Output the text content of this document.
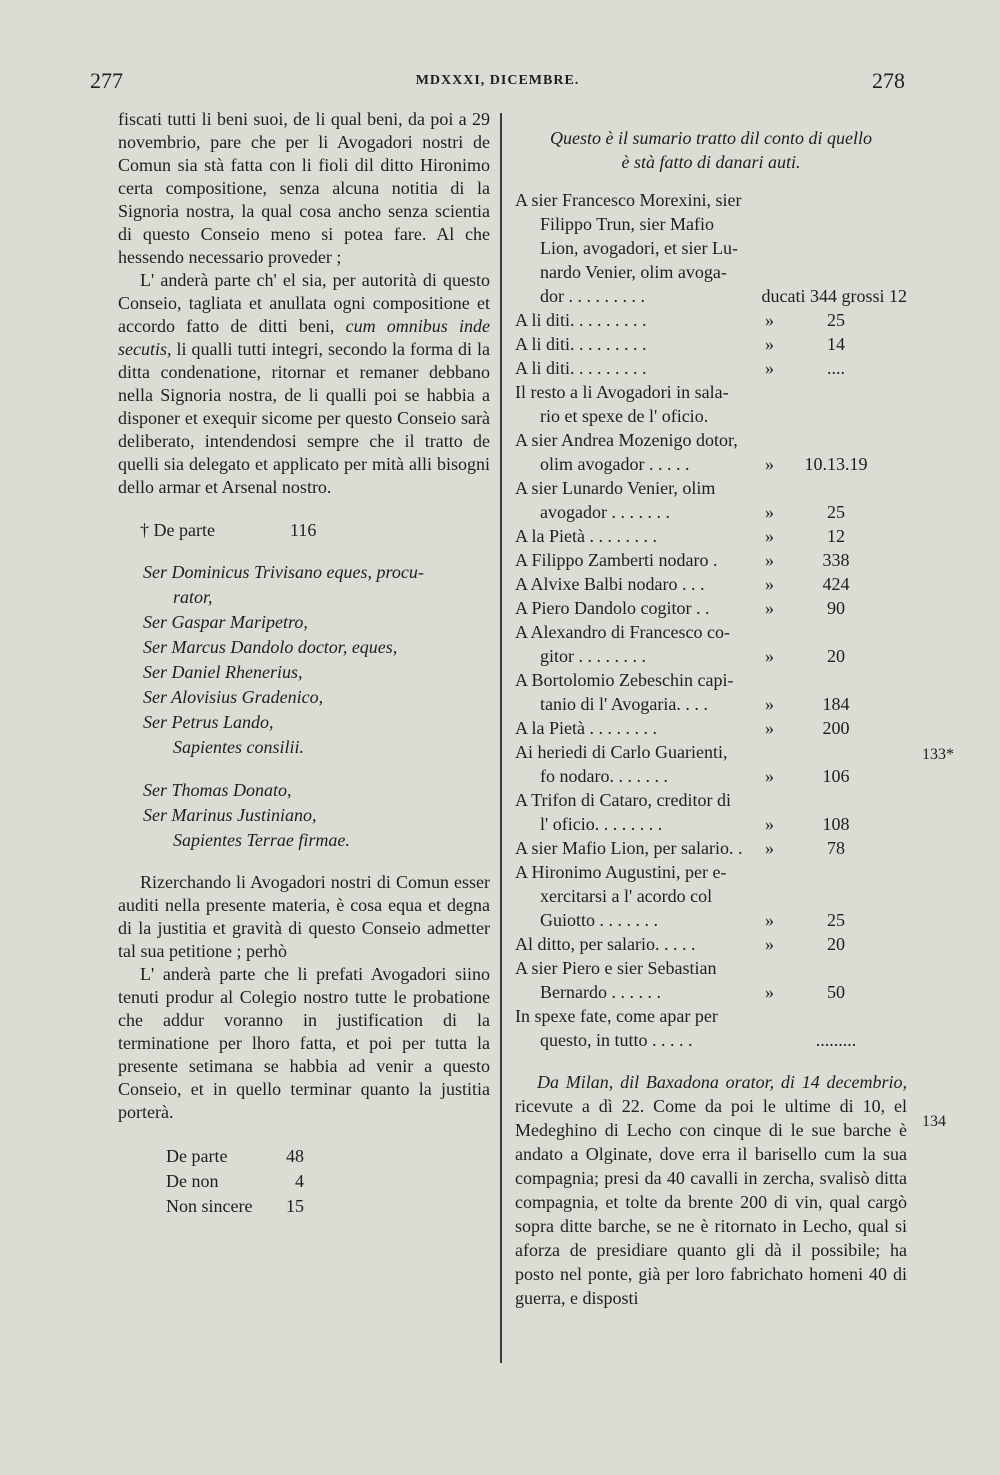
277	MDXXXI, DICEMBRE.	278

fiscati tutti li beni suoi, de li qual beni, da poi a 29 novembrio, pare che per li Avogadori nostri de Comun sia stà fatta con li fioli dil ditto Hironimo certa compositione, senza alcuna notitia di la Signoria nostra, la qual cosa ancho senza scientia di questo Conseio meno si potea fare. Al che hessendo necessario proveder ;

L' anderà parte ch' el sia, per autorità di questo Conseio, tagliata et anullata ogni compositione et accordo fatto de ditti beni, cum omnibus inde secutis, li qualli tutti integri, secondo la forma di la ditta condenatione, ritornar et remaner debbano nella Signoria nostra, de li qualli poi se habbia a disponer et exequir sicome per questo Conseio sarà deliberato, intendendosi sempre che il tratto de quelli sia delegato et applicato per mità alli bisogni dello armar et Arsenal nostro.

† De parte	116
Ser Dominicus Trivisano eques, procu-
rator,
Ser Gaspar Maripetro,
Ser Marcus Dandolo doctor, eques,
Ser Daniel Rhenerius,
Ser Alovisius Gradenico,
Ser Petrus Lando,
Sapientes consilii.
Ser Thomas Donato,
Ser Marinus Justiniano,
Sapientes Terrae firmae.

Rizerchando li Avogadori nostri di Comun esser auditi nella presente materia, è cosa equa et degna di la justitia et gravità di questo Conseio admetter tal sua petitione ; perhò

L' anderà parte che li prefati Avogadori siino tenuti produr al Colegio nostro tutte le probatione che addur voranno in justification di la terminatione per lhoro fatta, et poi per tutta la presente setimana se habbia ad venir a questo Conseio, et in quello terminar quanto la justitia porterà.

De parte	48
De non	4
Non sincere	15
Questo è il sumario tratto dil conto di quello
è stà fatto di danari auti.
A sier Francesco Morexini, sier
Filippo Trun, sier Mafio
Lion, avogadori, et sier Lu-
nardo Venier, olim avoga-
dor . . . . . . . . .	ducati 344 grossi 12
A li diti. . . . . . . . .	»	25
A li diti. . . . . . . . .	»	14
A li diti. . . . . . . . .	»	....
Il resto a li Avogadori in sala-
rio et spexe de l' oficio.
A sier Andrea Mozenigo dotor,
olim avogador . . . . .	»	10.13.19
A sier Lunardo Venier, olim
avogador . . . . . . .	»	25
A la Pietà . . . . . . . .	»	12
A Filippo Zamberti nodaro .	»	338
A Alvixe Balbi nodaro . . .	»	424
A Piero Dandolo cogitor . .	»	90
A Alexandro di Francesco co-
gitor . . . . . . . .	»	20
A Bortolomio Zebeschin capi-
tanio di l' Avogaria. . . .	»	184
A la Pietà . . . . . . . .	»	200
Ai heriedi di Carlo Guarienti,
fo nodaro. . . . . . .	»	106
A Trifon di Cataro, creditor di
l' oficio. . . . . . . .	»	108
A sier Mafio Lion, per salario. .	»	78
A Hironimo Augustini, per e-
xercitarsi a l' acordo col
Guiotto . . . . . . .	»	25
Al ditto, per salario. . . . .	»	20
A sier Piero e sier Sebastian
Bernardo . . . . . .	»	50
In spexe fate, come apar per
questo, in tutto . . . . .	.........
Da Milan, dil Baxadona orator, di 14 decembrio, ricevute a dì 22. Come da poi le ultime di 10, el Medeghino di Lecho con cinque di le sue barche è andato a Olginate, dove erra il barisello cum la sua compagnia; presi da 40 cavalli in zercha, svalisò ditta compagnia, et tolte da brente 200 di vin, qual cargò sopra ditte barche, se ne è ritornato in Lecho, qual si aforza de presidiare quanto gli dà il possibile; ha posto nel ponte, già per loro fabrichato homeni 40 di guerra, e disposti
133*
134
